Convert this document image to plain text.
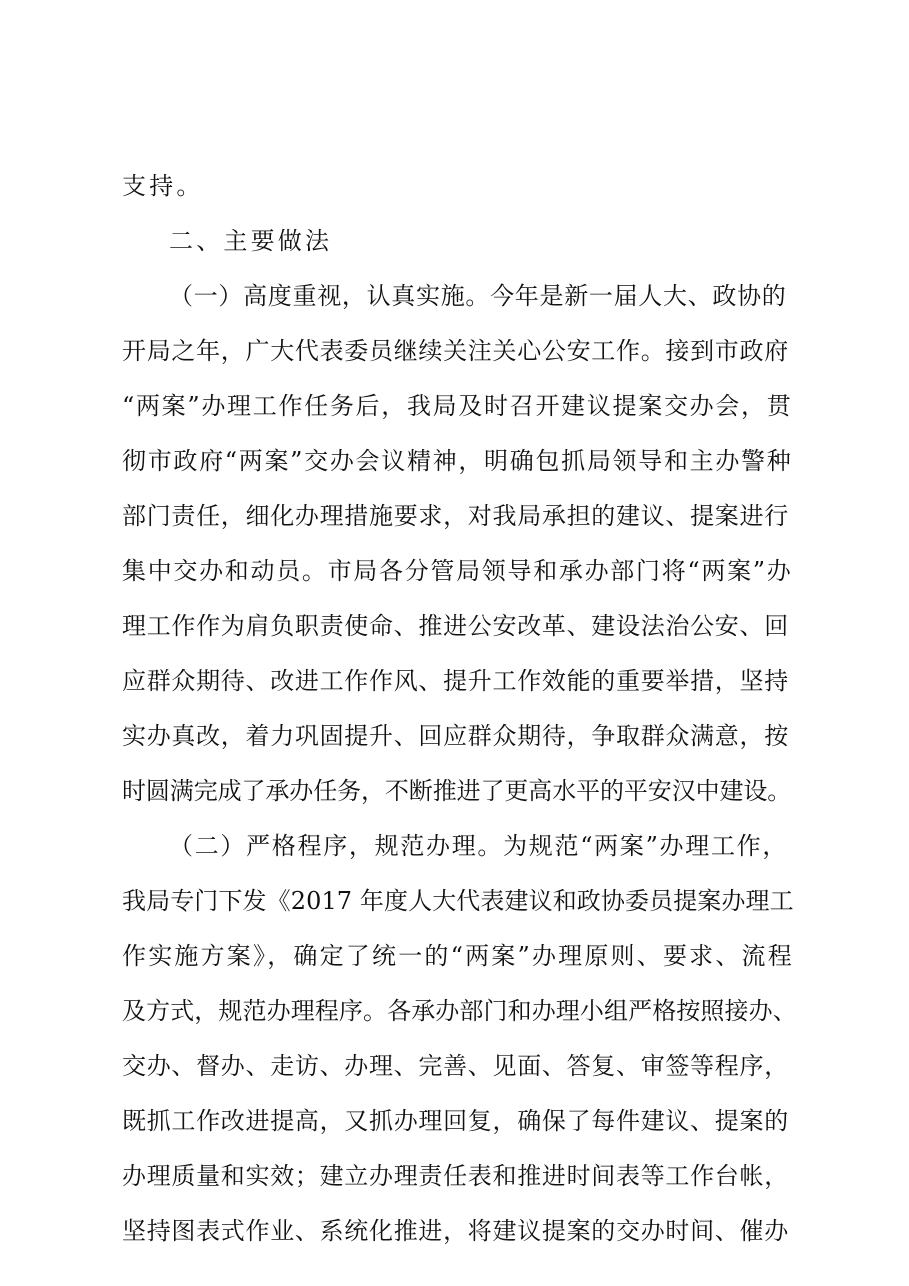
支持。
二、主要做法
（一）高度重视，认真实施。今年是新一届人大、政协的
开局之年，广大代表委员继续关注关心公安工作。接到市政府
“两案”办理工作任务后，我局及时召开建议提案交办会，贯
彻市政府“两案”交办会议精神，明确包抓局领导和主办警种
部门责任，细化办理措施要求，对我局承担的建议、提案进行
集中交办和动员。市局各分管局领导和承办部门将“两案”办
理工作作为肩负职责使命、推进公安改革、建设法治公安、回
应群众期待、改进工作作风、提升工作效能的重要举措，坚持
实办真改，着力巩固提升、回应群众期待，争取群众满意，按
时圆满完成了承办任务，不断推进了更高水平的平安汉中建设。
（二）严格程序，规范办理。为规范“两案”办理工作，
我局专门下发《2017 年度人大代表建议和政协委员提案办理工
作实施方案》，确定了统一的“两案”办理原则、要求、流程
及方式，规范办理程序。各承办部门和办理小组严格按照接办、
交办、督办、走访、办理、完善、见面、答复、审签等程序，
既抓工作改进提高，又抓办理回复，确保了每件建议、提案的
办理质量和实效；建立办理责任表和推进时间表等工作台帐，
坚持图表式作业、系统化推进，将建议提案的交办时间、催办
